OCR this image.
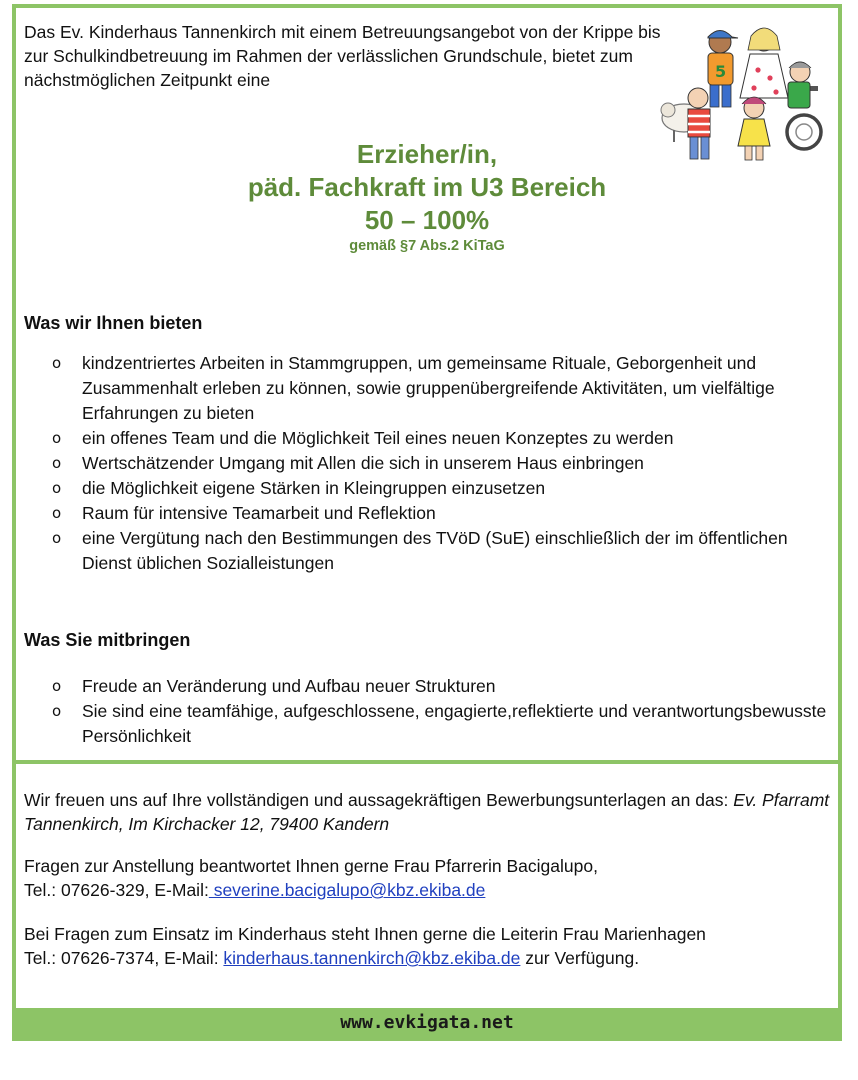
Das Ev. Kinderhaus Tannenkirch mit einem Betreuungsangebot von der Krippe bis zur Schulkindbetreuung im Rahmen der verlässlichen Grundschule, bietet zum nächstmöglichen Zeitpunkt eine	5

Erzieher/in,

päd. Fachkraft im U3 Bereich

50 – 100%

gemäß §7 Abs.2 KiTaG

Was wir Ihnen bieten

o kindzentriertes Arbeiten in Stammgruppen, um gemeinsame Rituale, Geborgenheit und Zusammenhalt erleben zu können, sowie gruppenübergreifende Aktivitäten, um vielfältige Erfahrungen zu bieten
o ein offenes Team und die Möglichkeit Teil eines neuen Konzeptes zu werden
o Wertschätzender Umgang mit Allen die sich in unserem Haus einbringen
o die Möglichkeit eigene Stärken in Kleingruppen einzusetzen
o Raum für intensive Teamarbeit und Reflektion
o eine Vergütung nach den Bestimmungen des TVöD (SuE) einschließlich der im öffentlichen Dienst üblichen Sozialleistungen

Was Sie mitbringen

o Freude an Veränderung und Aufbau neuer Strukturen
o Sie sind eine teamfähige, aufgeschlossene, engagierte,reflektierte und verantwortungsbewusste Persönlichkeit

Wir freuen uns auf Ihre vollständigen und aussagekräftigen Bewerbungsunterlagen an das: Ev. Pfarramt Tannenkirch, Im Kirchacker 12, 79400 Kandern

Fragen zur Anstellung beantwortet Ihnen gerne Frau Pfarrerin Bacigalupo,

Tel.: 07626-329, E-Mail: severine.bacigalupo@kbz.ekiba.de

Bei Fragen zum Einsatz im Kinderhaus steht Ihnen gerne die Leiterin Frau Marienhagen

Tel.: 07626-7374, E-Mail: kinderhaus.tannenkirch@kbz.ekiba.de zur Verfügung.

www.evkigata.net
